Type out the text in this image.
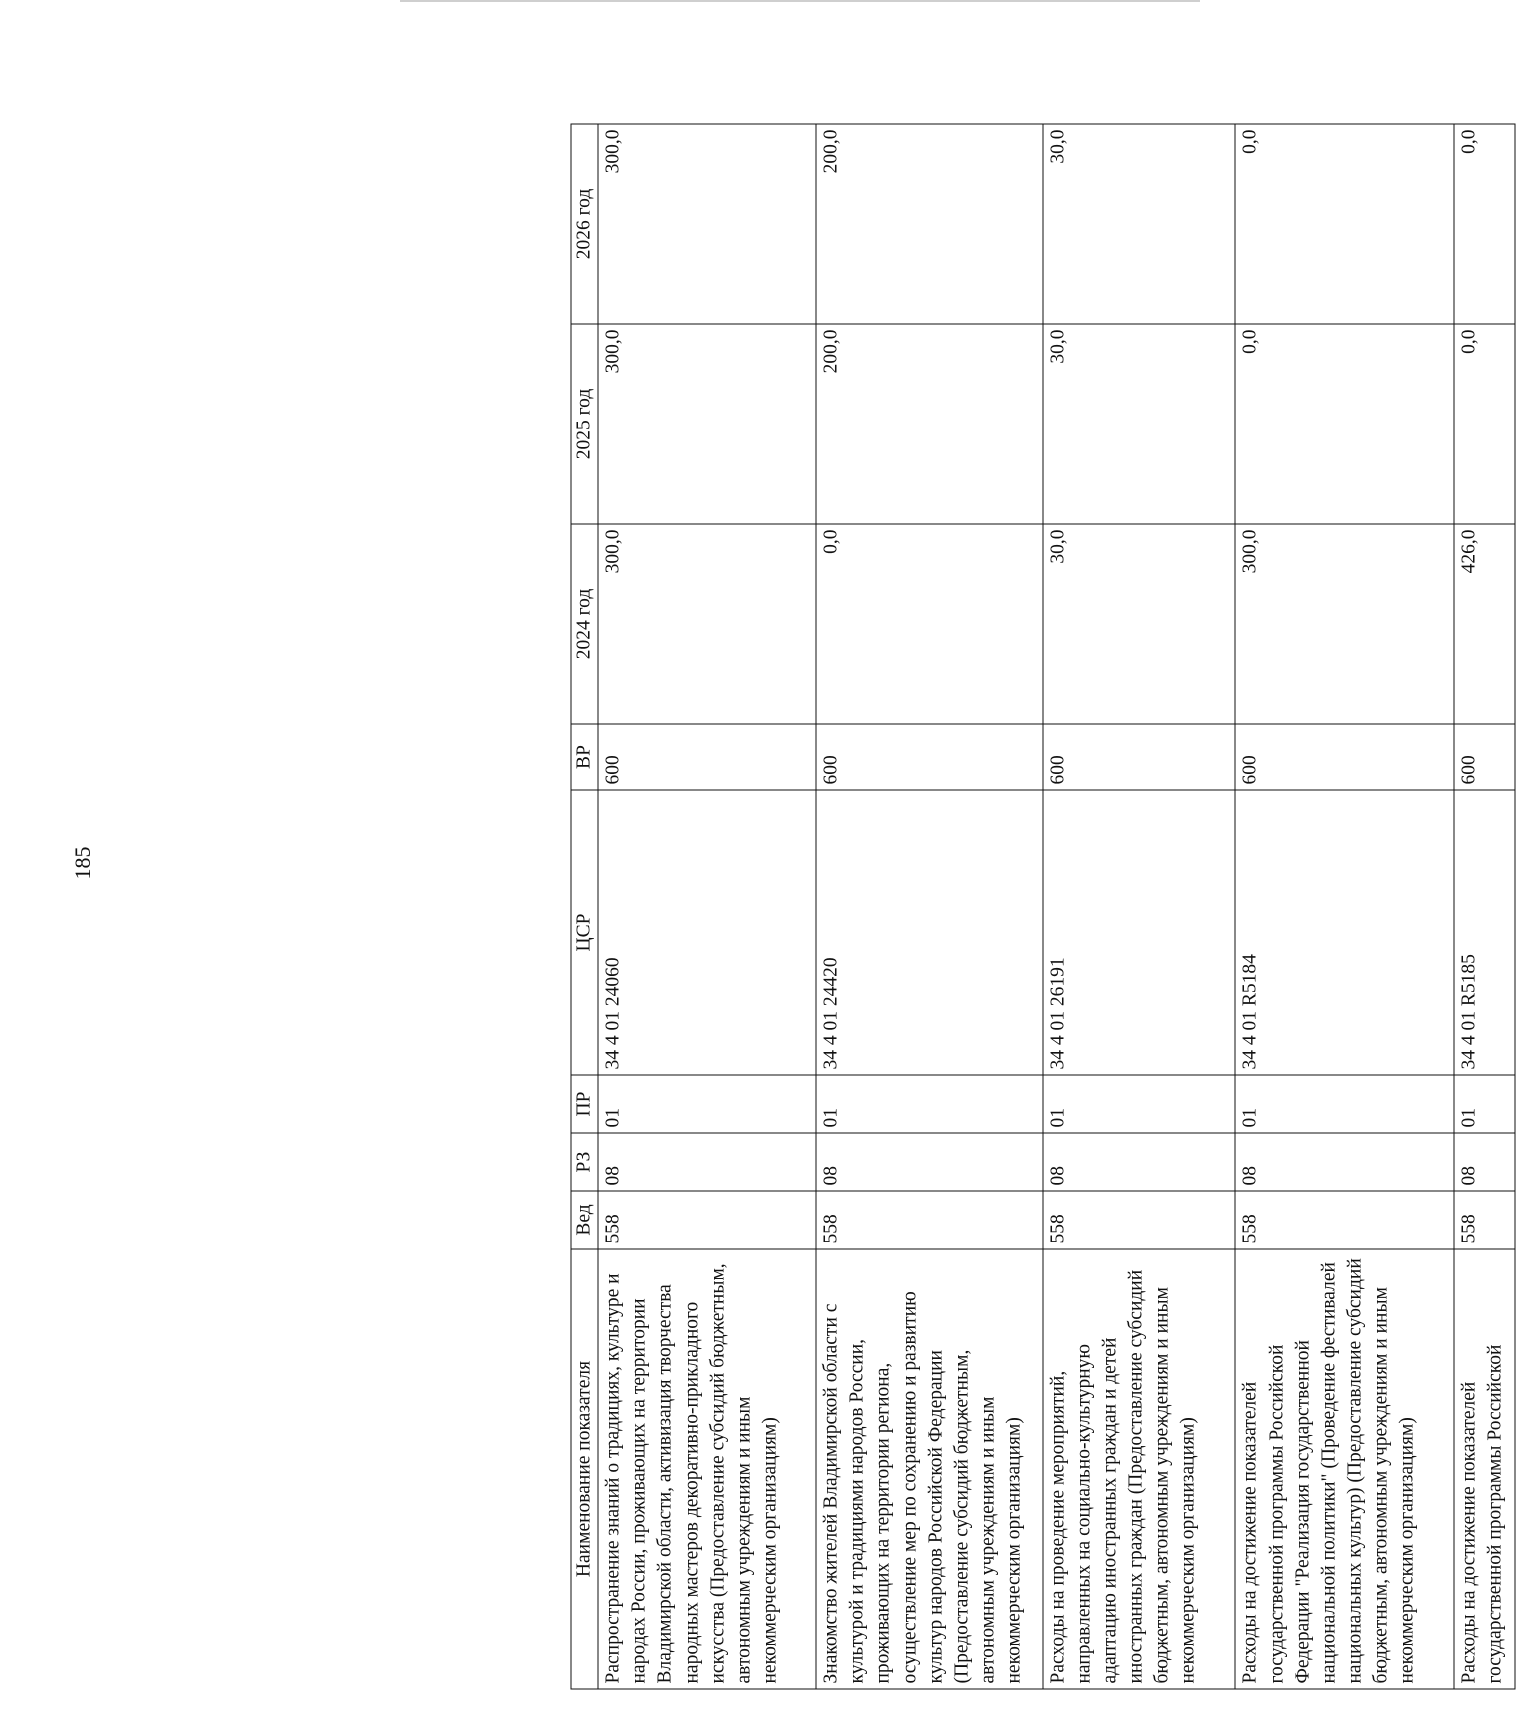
185
Наименование показателя	Вед	РЗ	ПР	ЦСР	ВР	2024 год	2025 год	2026 год
Распространение знаний о традициях, культуре и народах России, проживающих на территории Владимирской области, активизация творчества народных мастеров декоративно-прикладного искусства (Предоставление субсидий бюджетным, автономным учреждениям и иным некоммерческим организациям)	558	08	01	34 4 01 24060	600	300,0	300,0	300,0
Знакомство жителей Владимирской области с культурой и традициями народов России, проживающих на территории региона, осуществление мер по сохранению и развитию культур народов Российской Федерации (Предоставление субсидий бюджетным, автономным учреждениям и иным некоммерческим организациям)	558	08	01	34 4 01 24420	600	0,0	200,0	200,0
Расходы на проведение мероприятий, направленных на социально-культурную адаптацию иностранных граждан и детей иностранных граждан (Предоставление субсидий бюджетным, автономным учреждениям и иным некоммерческим организациям)	558	08	01	34 4 01 26191	600	30,0	30,0	30,0
Расходы на достижение показателей государственной программы Российской Федерации "Реализация государственной национальной политики" (Проведение фестивалей национальных культур) (Предоставление субсидий бюджетным, автономным учреждениям и иным некоммерческим организациям)	558	08	01	34 4 01 R5184	600	300,0	0,0	0,0
Расходы на достижение показателей государственной программы Российской	558	08	01	34 4 01 R5185	600	426,0	0,0	0,0
